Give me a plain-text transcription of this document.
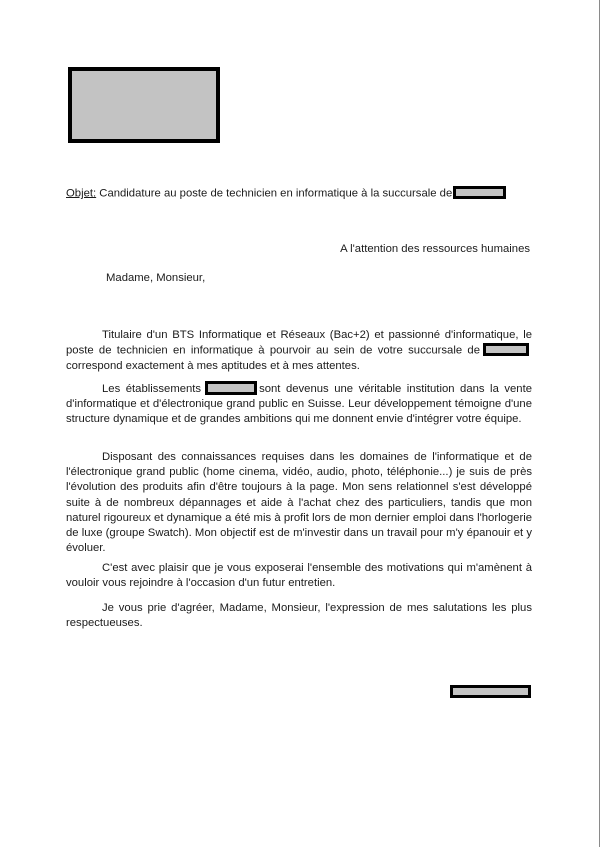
Objet: Candidature au poste de technicien en informatique à la succursale de
A l'attention des ressources humaines
Madame, Monsieur,
Titulaire d'un BTS Informatique et Réseaux (Bac+2) et passionné d'informatique, le poste de technicien en informatique à pourvoir au sein de votre succursale decorrespond exactement à mes aptitudes et à mes attentes.
Les établissements	sont devenus une véritable institution dans la vente d'informatique et d'électronique grand public en Suisse. Leur développement témoigne d'une structure dynamique et de grandes ambitions qui me donnent envie d'intégrer votre équipe.
Disposant des connaissances requises dans les domaines de l'informatique et de l'électronique grand public (home cinema, vidéo, audio, photo, téléphonie...) je suis de près l'évolution des produits afin d'être toujours à la page. Mon sens relationnel s'est développé suite à de nombreux dépannages et aide à l'achat chez des particuliers, tandis que mon naturel rigoureux et dynamique a été mis à profit lors de mon dernier emploi dans l'horlogerie de luxe (groupe Swatch). Mon objectif est de m'investir dans un travail pour m'y épanouir et y évoluer.
C'est avec plaisir que je vous exposerai l'ensemble des motivations qui m'amènent à vouloir vous rejoindre à l'occasion d'un futur entretien.
Je vous prie d'agréer, Madame, Monsieur, l'expression de mes salutations les plus respectueuses.
